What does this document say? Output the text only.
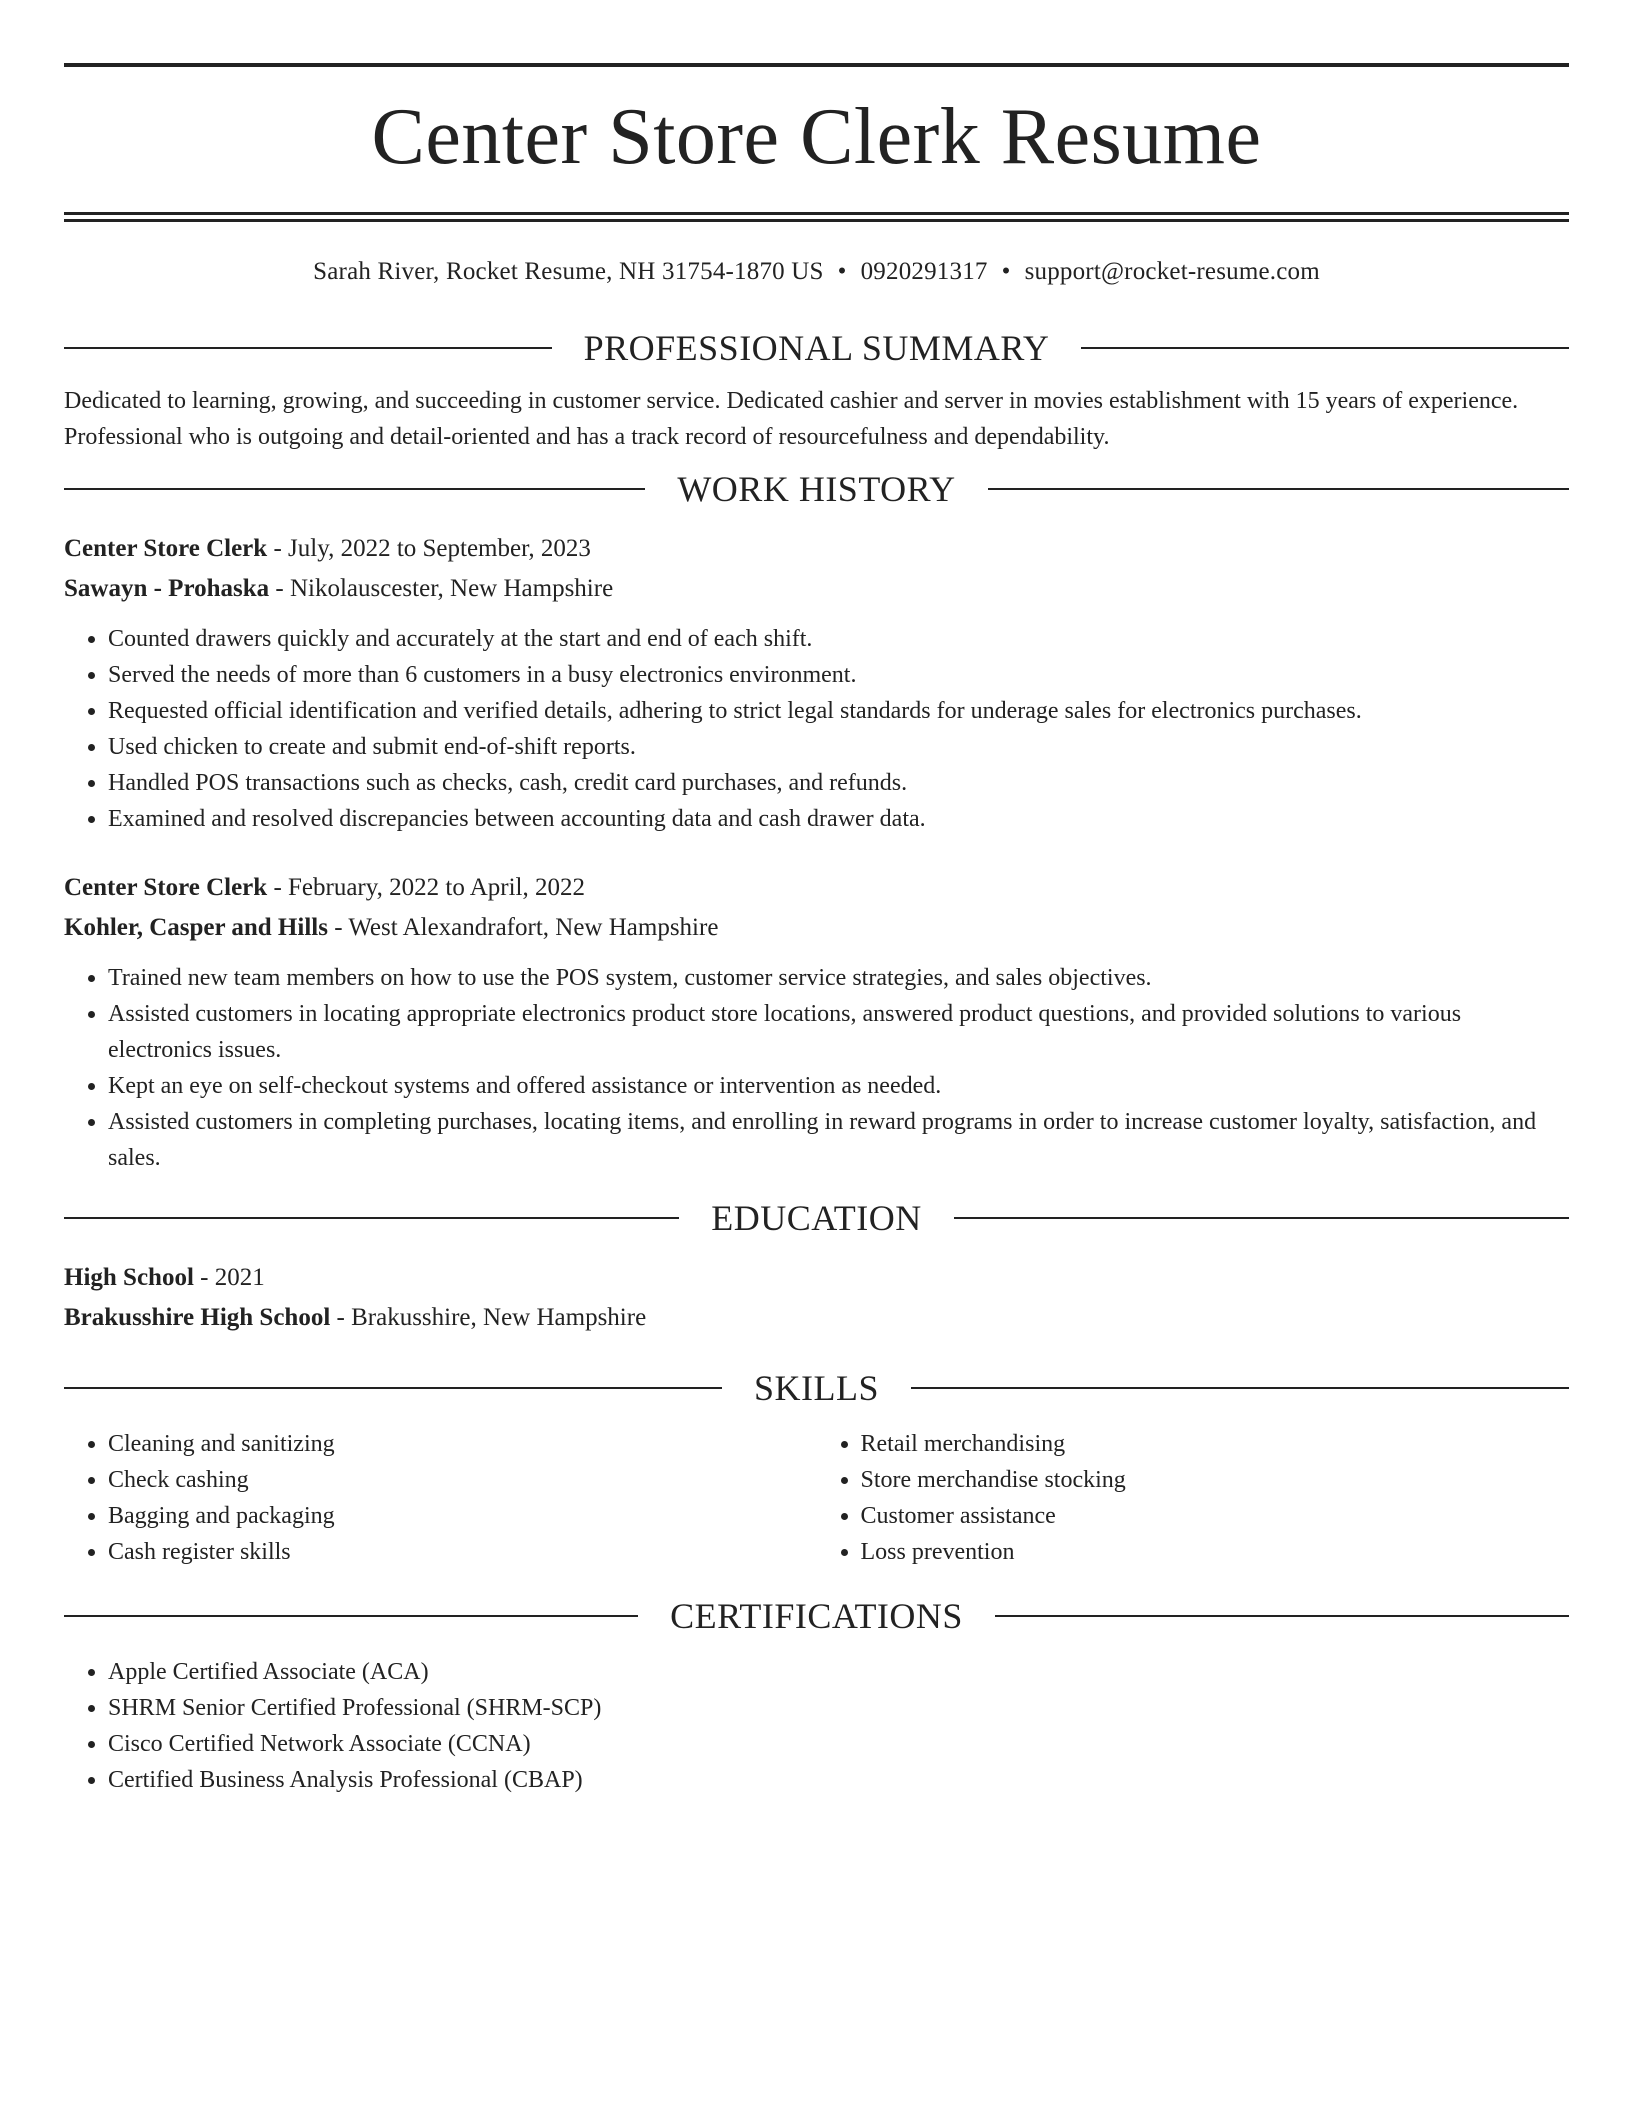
Center Store Clerk Resume
Sarah River, Rocket Resume, NH 31754-1870 US • 0920291317 • support@rocket-resume.com
PROFESSIONAL SUMMARY

Dedicated to learning, growing, and succeeding in customer service. Dedicated cashier and server in movies establishment with 15 years of experience. Professional who is outgoing and detail-oriented and has a track record of resourcefulness and dependability.

WORK HISTORY
Center Store Clerk - July, 2022 to September, 2023
Sawayn - Prohaska - Nikolauscester, New Hampshire
• Counted drawers quickly and accurately at the start and end of each shift.
• Served the needs of more than 6 customers in a busy electronics environment.
• Requested official identification and verified details, adhering to strict legal standards for underage sales for electronics purchases.
• Used chicken to create and submit end-of-shift reports.
• Handled POS transactions such as checks, cash, credit card purchases, and refunds.
• Examined and resolved discrepancies between accounting data and cash drawer data.
Center Store Clerk - February, 2022 to April, 2022
Kohler, Casper and Hills - West Alexandrafort, New Hampshire
• Trained new team members on how to use the POS system, customer service strategies, and sales objectives.
• Assisted customers in locating appropriate electronics product store locations, answered product questions, and provided solutions to various electronics issues.
• Kept an eye on self-checkout systems and offered assistance or intervention as needed.
• Assisted customers in completing purchases, locating items, and enrolling in reward programs in order to increase customer loyalty, satisfaction, and sales.
EDUCATION
High School - 2021
Brakusshire High School - Brakusshire, New Hampshire
SKILLS
• Cleaning and sanitizing
• Check cashing
• Bagging and packaging
• Cash register skills
• Retail merchandising
• Store merchandise stocking
• Customer assistance
• Loss prevention
CERTIFICATIONS
• Apple Certified Associate (ACA)
• SHRM Senior Certified Professional (SHRM-SCP)
• Cisco Certified Network Associate (CCNA)
• Certified Business Analysis Professional (CBAP)
